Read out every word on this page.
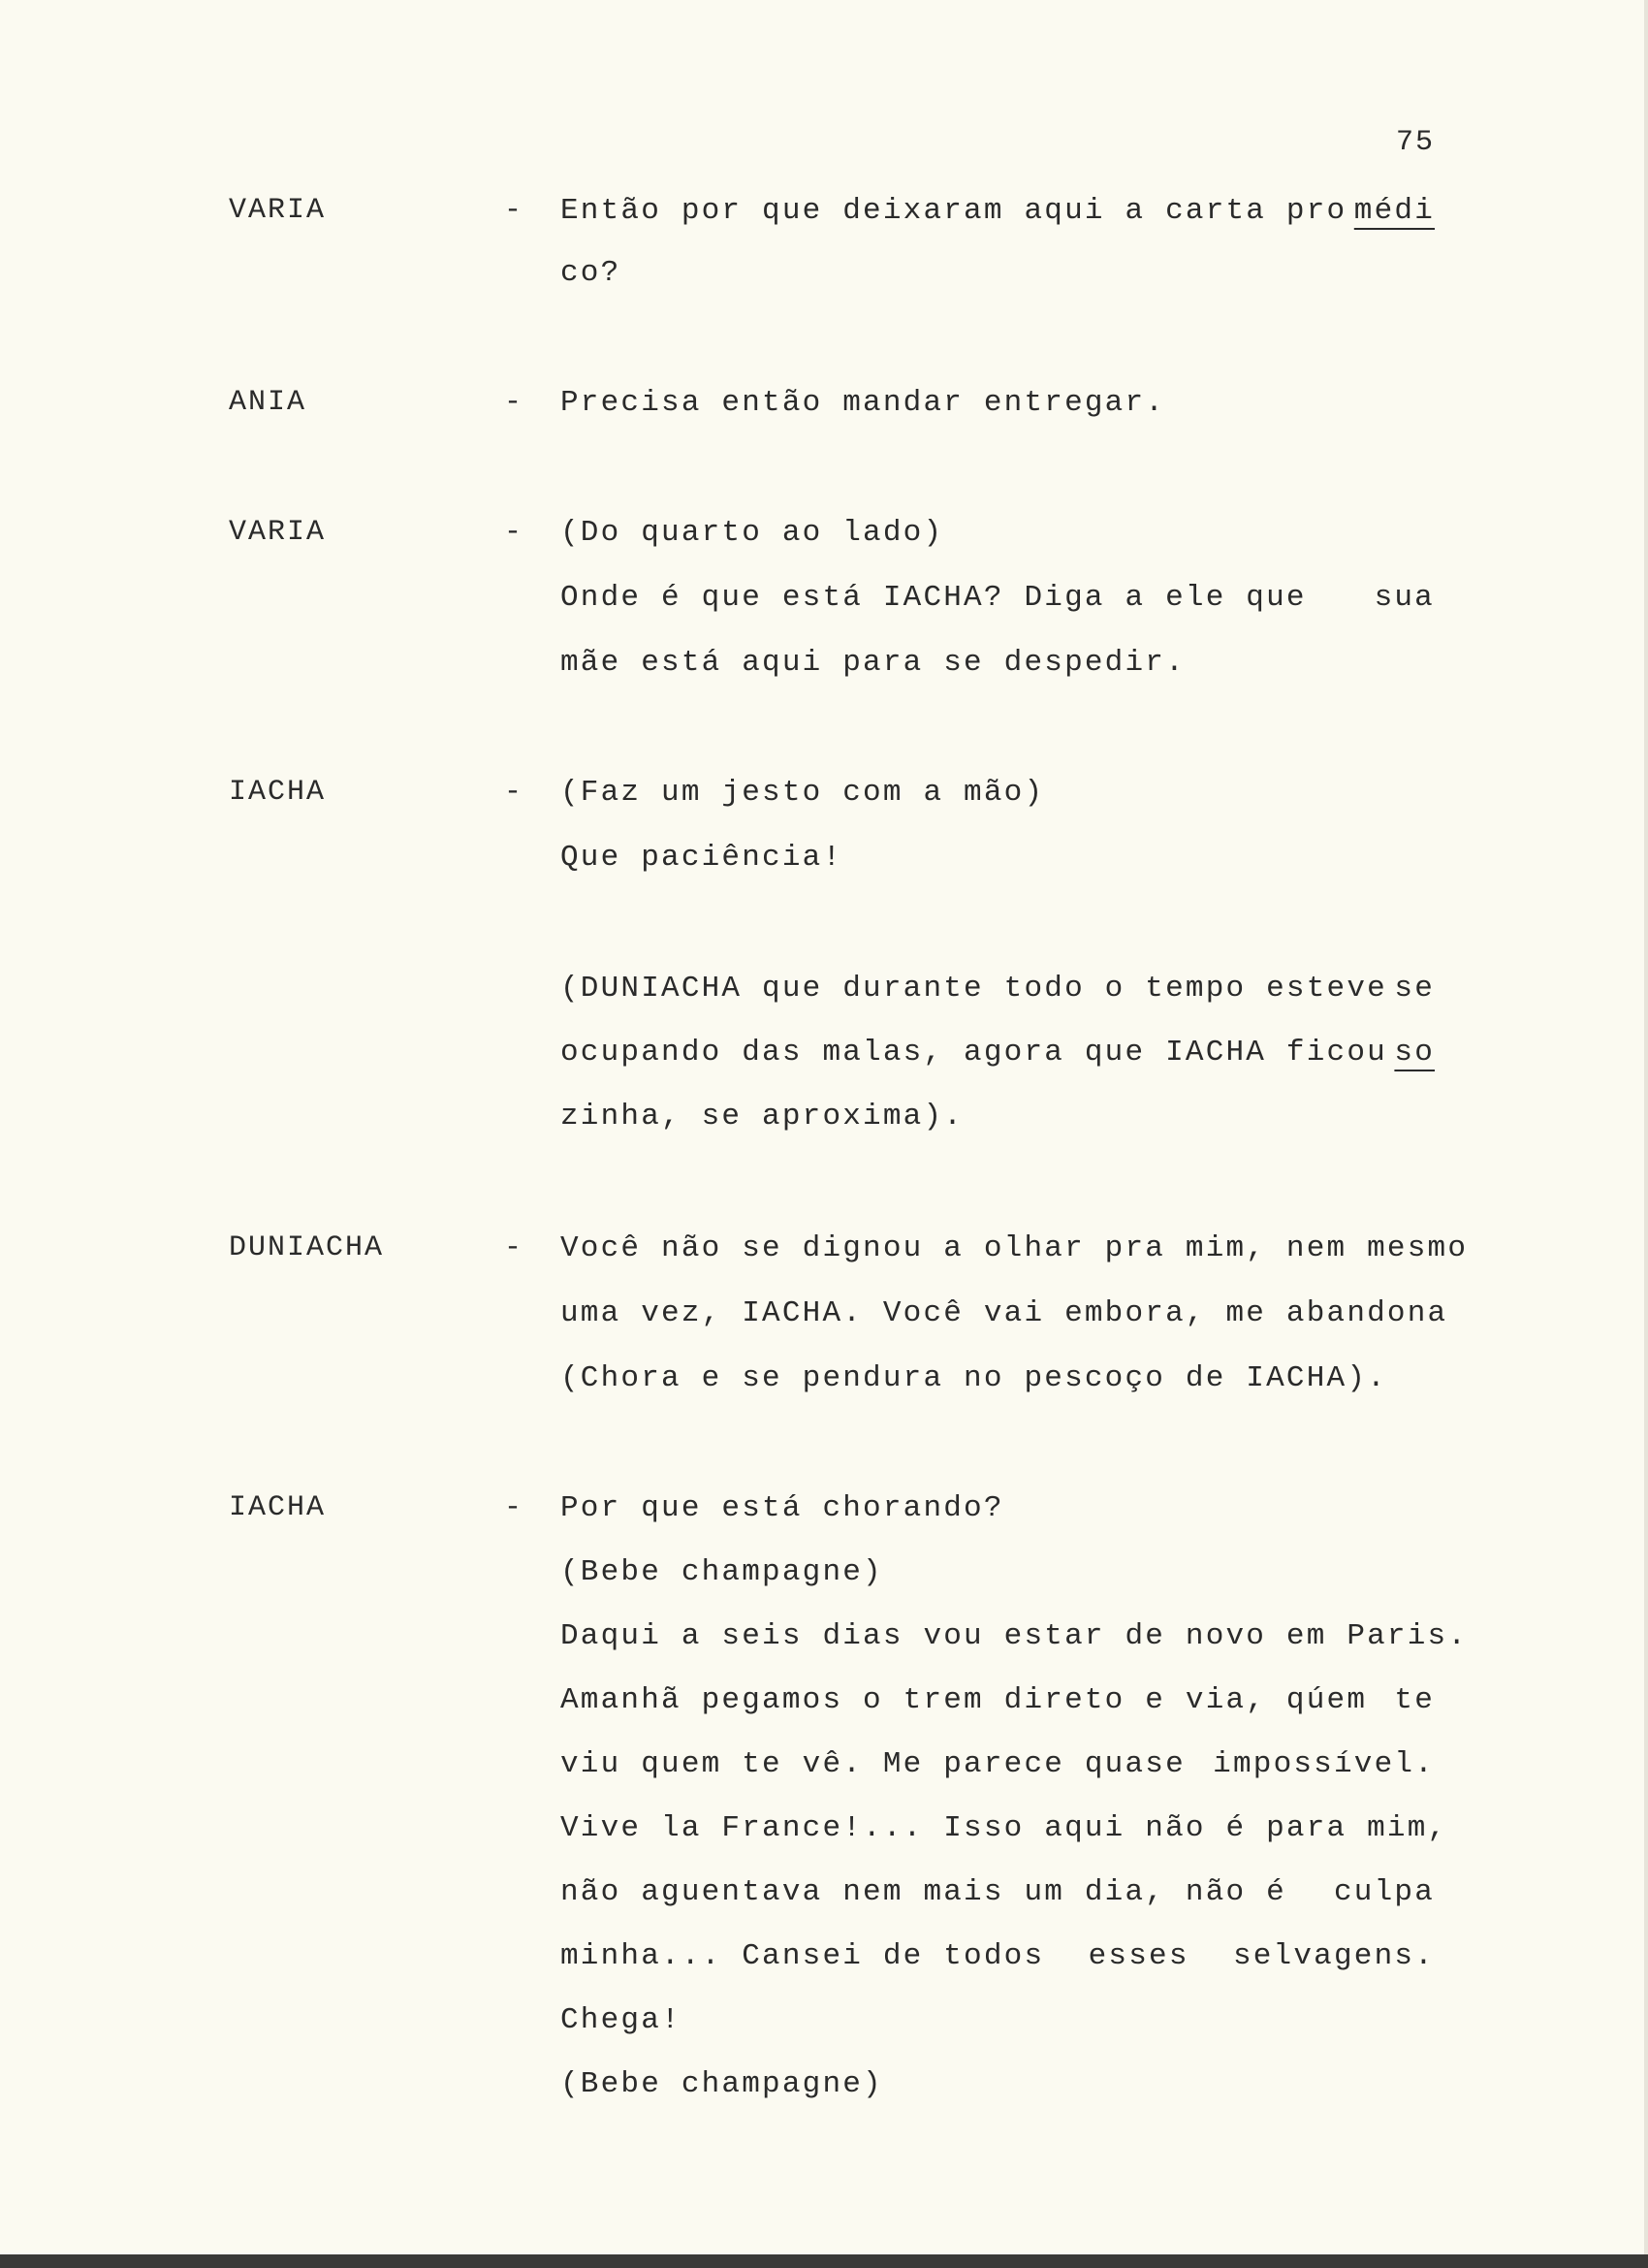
75
VARIA	- Então por que deixaram aqui a carta pro médi
co?
ANIA	- Precisa então mandar entregar.
VARIA	- (Do quarto ao lado)
Onde é que está IACHA? Diga a ele que sua
mãe está aqui para se despedir.
IACHA	- (Faz um jesto com a mão)
Que paciência!
(DUNIACHA que durante todo o tempo esteve se
ocupando das malas, agora que IACHA ficou so
zinha, se aproxima).
DUNIACHA	- Você não se dignou a olhar pra mim, nem mesmo
uma vez, IACHA. Você vai embora, me abandona
(Chora e se pendura no pescoço de IACHA).
IACHA	- Por que está chorando?
(Bebe champagne)
Daqui a seis dias vou estar de novo em Paris.
Amanhã pegamos o trem direto e via, qúem te
viu quem te vê. Me parece quase impossível.
Vive la France!... Isso aqui não é para mim,
não aguentava nem mais um dia, não é culpa
minha... Cansei de todos esses selvagens.
Chega!
(Bebe champagne)
